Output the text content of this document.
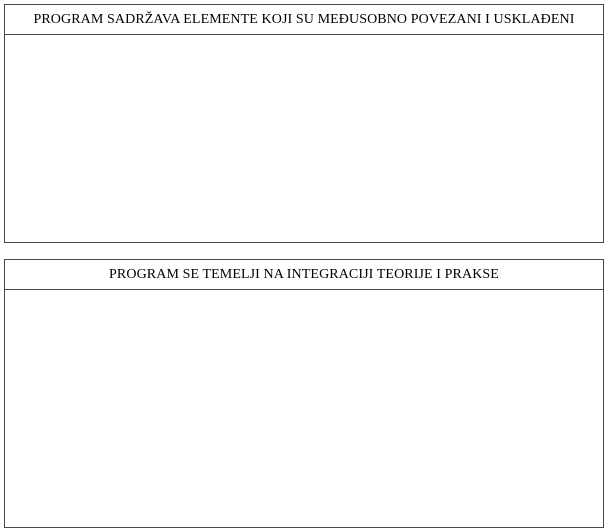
PROGRAM SADRŽAVA ELEMENTE KOJI SU MEĐUSOBNO POVEZANI I USKLAĐENI
PROGRAM SE TEMELJI NA INTEGRACIJI TEORIJE I PRAKSE
